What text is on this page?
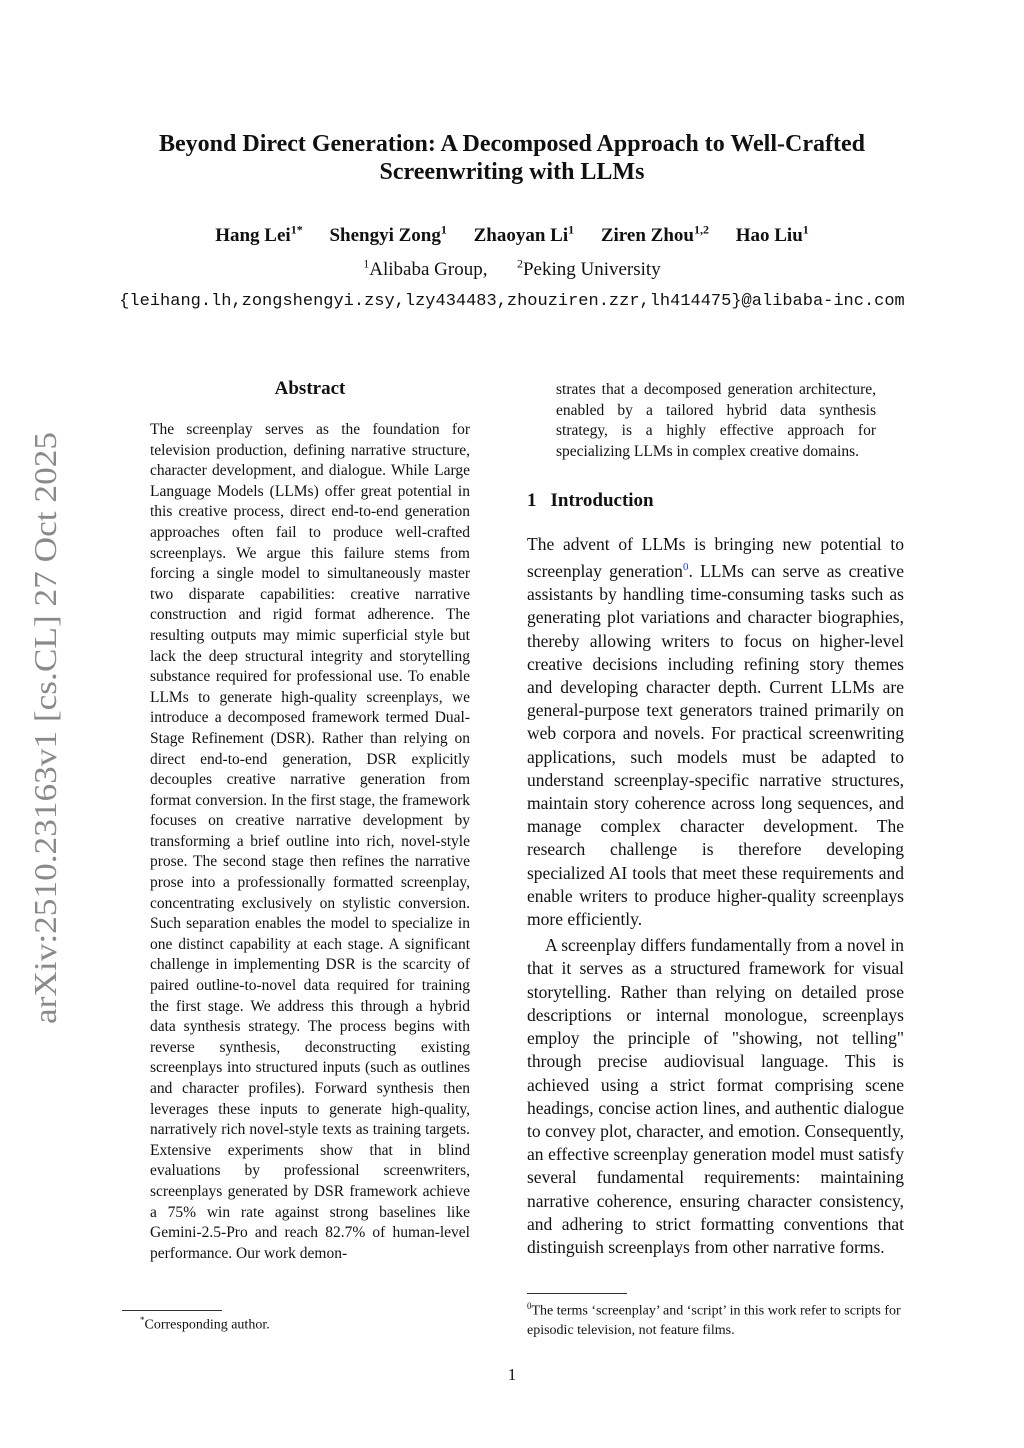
Beyond Direct Generation: A Decomposed Approach to Well-Crafted
Screenwriting with LLMs
Hang Lei$^{1*}$ Shengyi Zong$^1$ Zhaoyan Li$^1$ Ziren Zhou$^{1,2}$ Hao Liu$^1$
$^1$Alibaba Group, $^2$Peking University
{leihang.lh,zongshengyi.zsy,lzy434483,zhouziren.zzr,lh414475}@alibaba-inc.com
arXiv:2510.23163v1 [cs.CL] 27 Oct 2025
Abstract
The screenplay serves as the foundation for television production, defining narrative structure, character development, and dialogue. While Large Language Models (LLMs) offer great potential in this creative process, direct end-to-end generation approaches often fail to produce well-crafted screenplays. We argue this failure stems from forcing a single model to simultaneously master two disparate capabilities: creative narrative construction and rigid format adherence. The resulting outputs may mimic superficial style but lack the deep structural integrity and storytelling substance required for professional use. To enable LLMs to generate high-quality screenplays, we introduce a decomposed framework termed Dual-Stage Refinement (DSR). Rather than relying on direct end-to-end generation, DSR explicitly decouples creative narrative generation from format conversion. In the first stage, the framework focuses on creative narrative development by transforming a brief outline into rich, novel-style prose. The second stage then refines the narrative prose into a professionally formatted screenplay, concentrating exclusively on stylistic conversion. Such separation enables the model to specialize in one distinct capability at each stage. A significant challenge in implementing DSR is the scarcity of paired outline-to-novel data required for training the first stage. We address this through a hybrid data synthesis strategy. The process begins with reverse synthesis, deconstructing existing screenplays into structured inputs (such as outlines and character profiles). Forward synthesis then leverages these inputs to generate high-quality, narratively rich novel-style texts as training targets. Extensive experiments show that in blind evaluations by professional screenwriters, screenplays generated by DSR framework achieve a 75% win rate against strong baselines like Gemini-2.5-Pro and reach 82.7% of human-level performance. Our work demon-
strates that a decomposed generation architecture, enabled by a tailored hybrid data synthesis strategy, is a highly effective approach for specializing LLMs in complex creative domains.
1 Introduction

The advent of LLMs is bringing new potential to screenplay generation$^0$. LLMs can serve as creative assistants by handling time-consuming tasks such as generating plot variations and character biographies, thereby allowing writers to focus on higher-level creative decisions including refining story themes and developing character depth. Current LLMs are general-purpose text generators trained primarily on web corpora and novels. For practical screenwriting applications, such models must be adapted to understand screenplay-specific narrative structures, maintain story coherence across long sequences, and manage complex character development. The research challenge is therefore developing specialized AI tools that meet these requirements and enable writers to produce higher-quality screenplays more efficiently.

A screenplay differs fundamentally from a novel in that it serves as a structured framework for visual storytelling. Rather than relying on detailed prose descriptions or internal monologue, screenplays employ the principle of "showing, not telling" through precise audiovisual language. This is achieved using a strict format comprising scene headings, concise action lines, and authentic dialogue to convey plot, character, and emotion. Consequently, an effective screenplay generation model must satisfy several fundamental requirements: maintaining narrative coherence, ensuring character consistency, and adhering to strict formatting conventions that distinguish screenplays from other narrative forms.

*Corresponding author.
$^0$The terms ‘screenplay’ and ‘script’ in this work refer to scripts for episodic television, not feature films.
1
